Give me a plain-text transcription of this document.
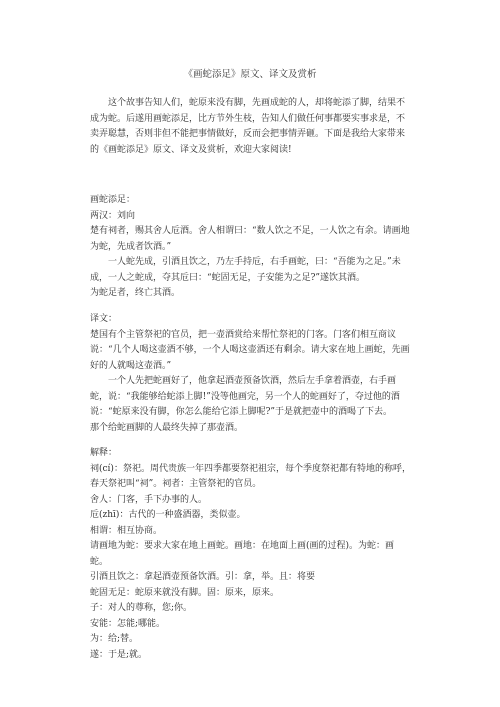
《画蛇添足》原文、译文及赏析

这个故事告知人们，蛇原来没有脚，先画成蛇的人，却将蛇添了脚，结果不成为蛇。后遂用画蛇添足，比方节外生枝，告知人们做任何事都要实事求是，不卖弄聪慧，否则非但不能把事情做好，反而会把事情弄砸。下面是我给大家带来的《画蛇添足》原文、译文及赏析，欢迎大家阅读!

画蛇添足：

两汉：刘向

楚有祠者，赐其舍人卮酒。舍人相谓曰：“数人饮之不足，一人饮之有余。请画地为蛇，先成者饮酒。”

一人蛇先成，引酒且饮之，乃左手持卮，右手画蛇，曰：“吾能为之足。”未成，一人之蛇成，夺其卮曰：“蛇固无足，子安能为之足?”遂饮其酒。

为蛇足者，终亡其酒。

译文：

楚国有个主管祭祀的官员，把一壶酒赏给来帮忙祭祀的门客。门客们相互商议 说：“几个人喝这壶酒不够，一个人喝这壶酒还有剩余。请大家在地上画蛇，先画好的人就喝这壶酒。”

一个人先把蛇画好了，他拿起酒壶预备饮酒，然后左手拿着酒壶，右手画蛇，说：“我能够给蛇添上脚!”没等他画完，另一个人的蛇画好了，夺过他的酒说：“蛇原来没有脚，你怎么能给它添上脚呢?”于是就把壶中的酒喝了下去。

那个给蛇画脚的人最终失掉了那壶酒。

解释：

祠(cí)：祭祀。周代贵族一年四季都要祭祀祖宗，每个季度祭祀都有特地的称呼，春天祭祀叫“祠”。祠者：主管祭祀的官员。

舍人：门客，手下办事的人。

卮(zhī)：古代的一种盛酒器，类似壶。

相谓：相互协商。

请画地为蛇：要求大家在地上画蛇。画地：在地面上画(画的过程)。为蛇：画蛇。

引酒且饮之：拿起酒壶预备饮酒。引：拿，举。且：将要

蛇固无足：蛇原来就没有脚。固：原来，原来。

子：对人的尊称，您;你。

安能：怎能;哪能。

为：给;替。

遂：于是;就。
